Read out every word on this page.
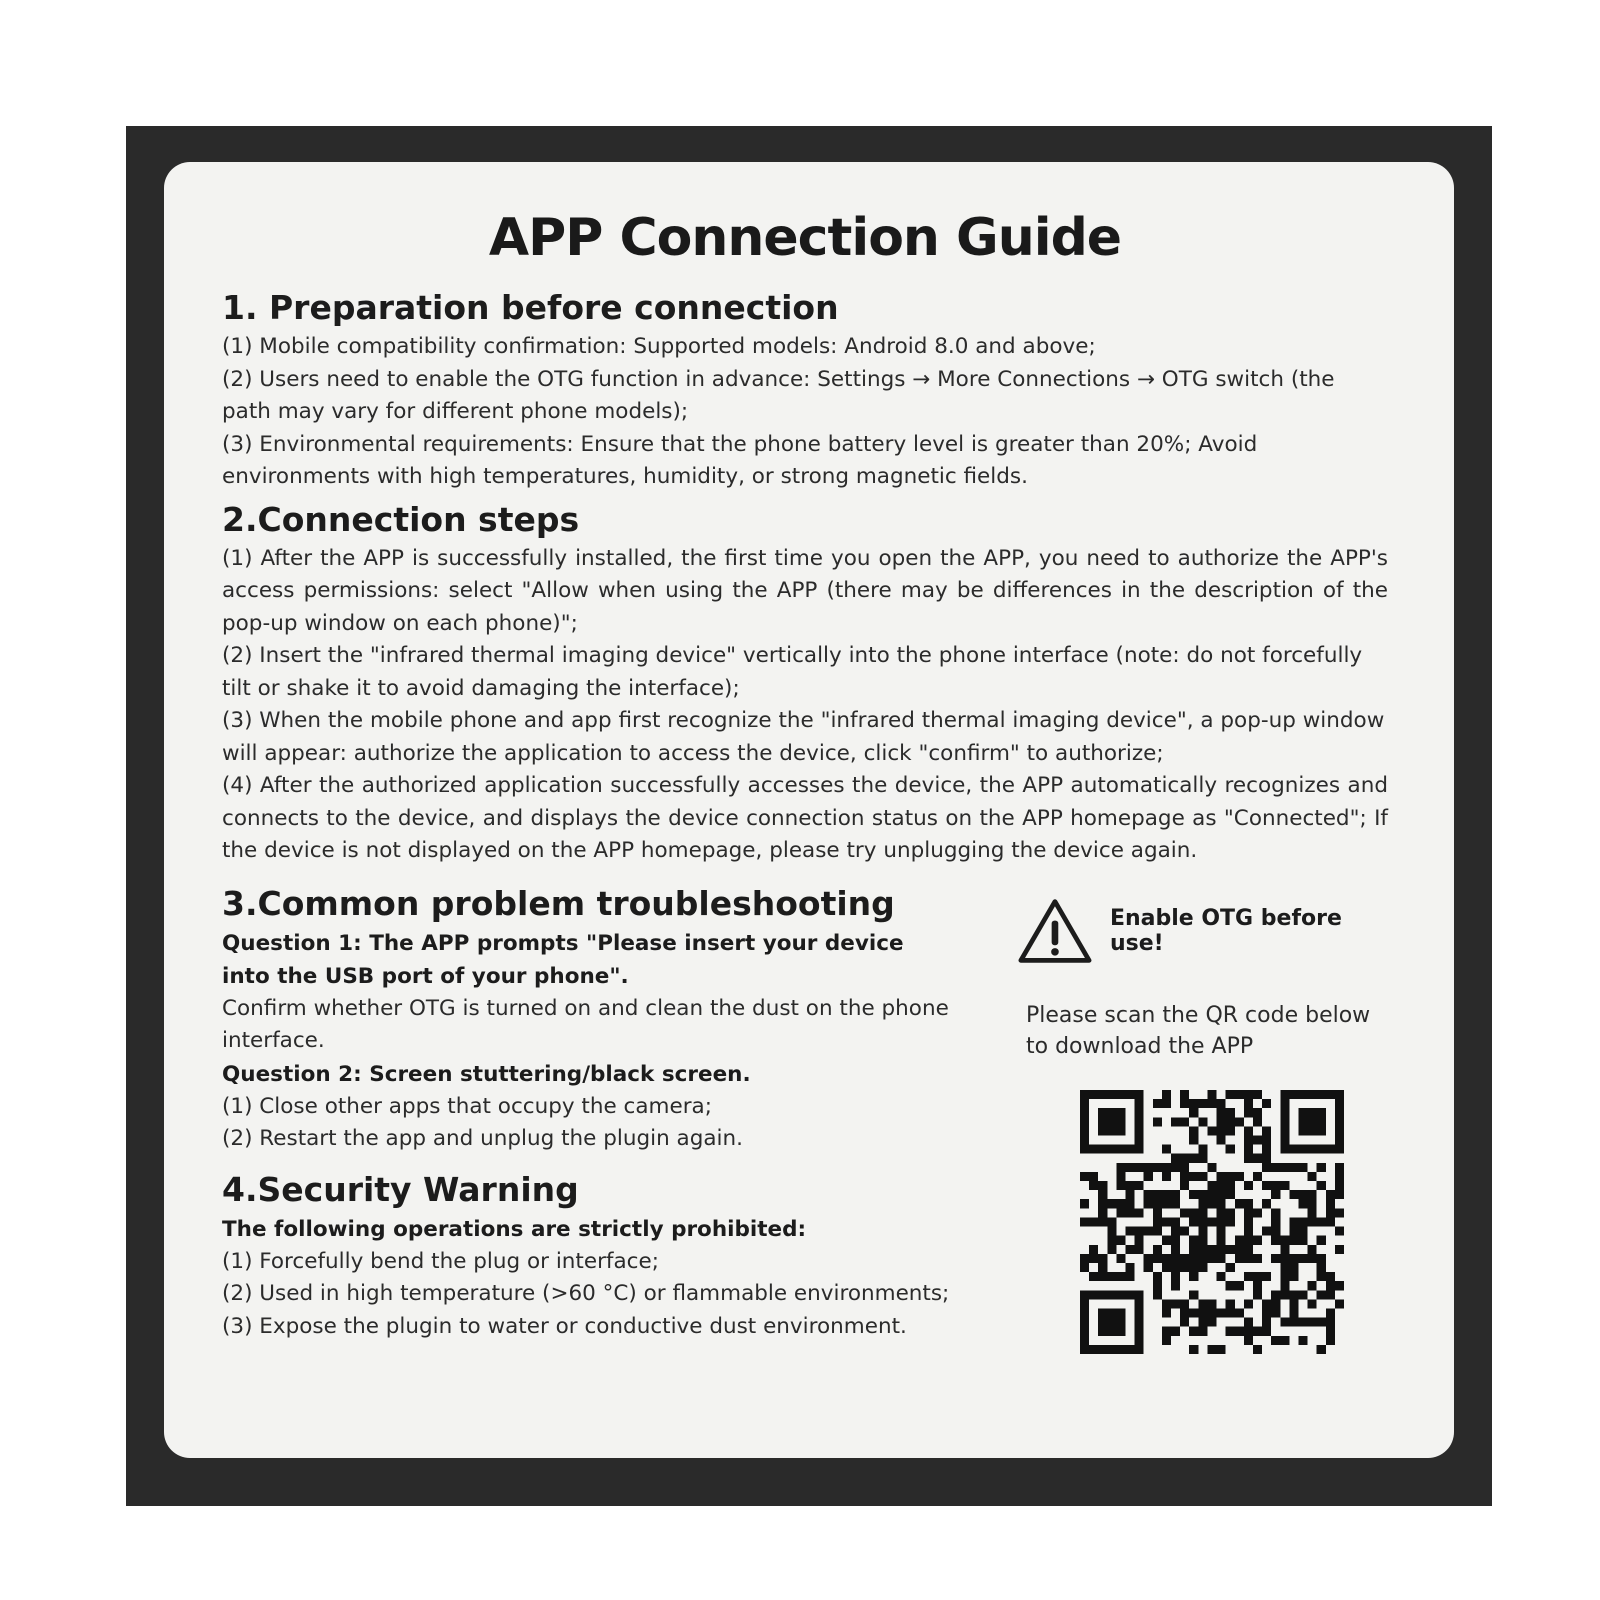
APP Connection Guide
1. Preparation before connection

(1) Mobile compatibility confirmation: Supported models: Android 8.0 and above;

(2) Users need to enable the OTG function in advance: Settings → More Connections → OTG switch (the path may vary for different phone models);

(3) Environmental requirements: Ensure that the phone battery level is greater than 20%; Avoid environments with high temperatures, humidity, or strong magnetic fields.

2.Connection steps

(1) After the APP is successfully installed, the first time you open the APP, you need to authorize the APP's access permissions: select "Allow when using the APP (there may be differences in the description of the pop-up window on each phone)";

(2) Insert the "infrared thermal imaging device" vertically into the phone interface (note: do not forcefully tilt or shake it to avoid damaging the interface);

(3) When the mobile phone and app first recognize the "infrared thermal imaging device", a pop-up window will appear: authorize the application to access the device, click "confirm" to authorize;

(4) After the authorized application successfully accesses the device, the APP automatically recognizes and connects to the device, and displays the device connection status on the APP homepage as "Connected"; If the device is not displayed on the APP homepage, please try unplugging the device again.

3.Common problem troubleshooting

Question 1: The APP prompts "Please insert your device into the USB port of your phone".

Confirm whether OTG is turned on and clean the dust on the phone interface.

Question 2: Screen stuttering/black screen.

(1) Close other apps that occupy the camera;

(2) Restart the app and unplug the plugin again.

4.Security Warning

The following operations are strictly prohibited:

(1) Forcefully bend the plug or interface;

(2) Used in high temperature (>60 °C) or flammable environments;

(3) Expose the plugin to water or conductive dust environment.

Enable OTG before use!

Please scan the QR code below to download the APP
